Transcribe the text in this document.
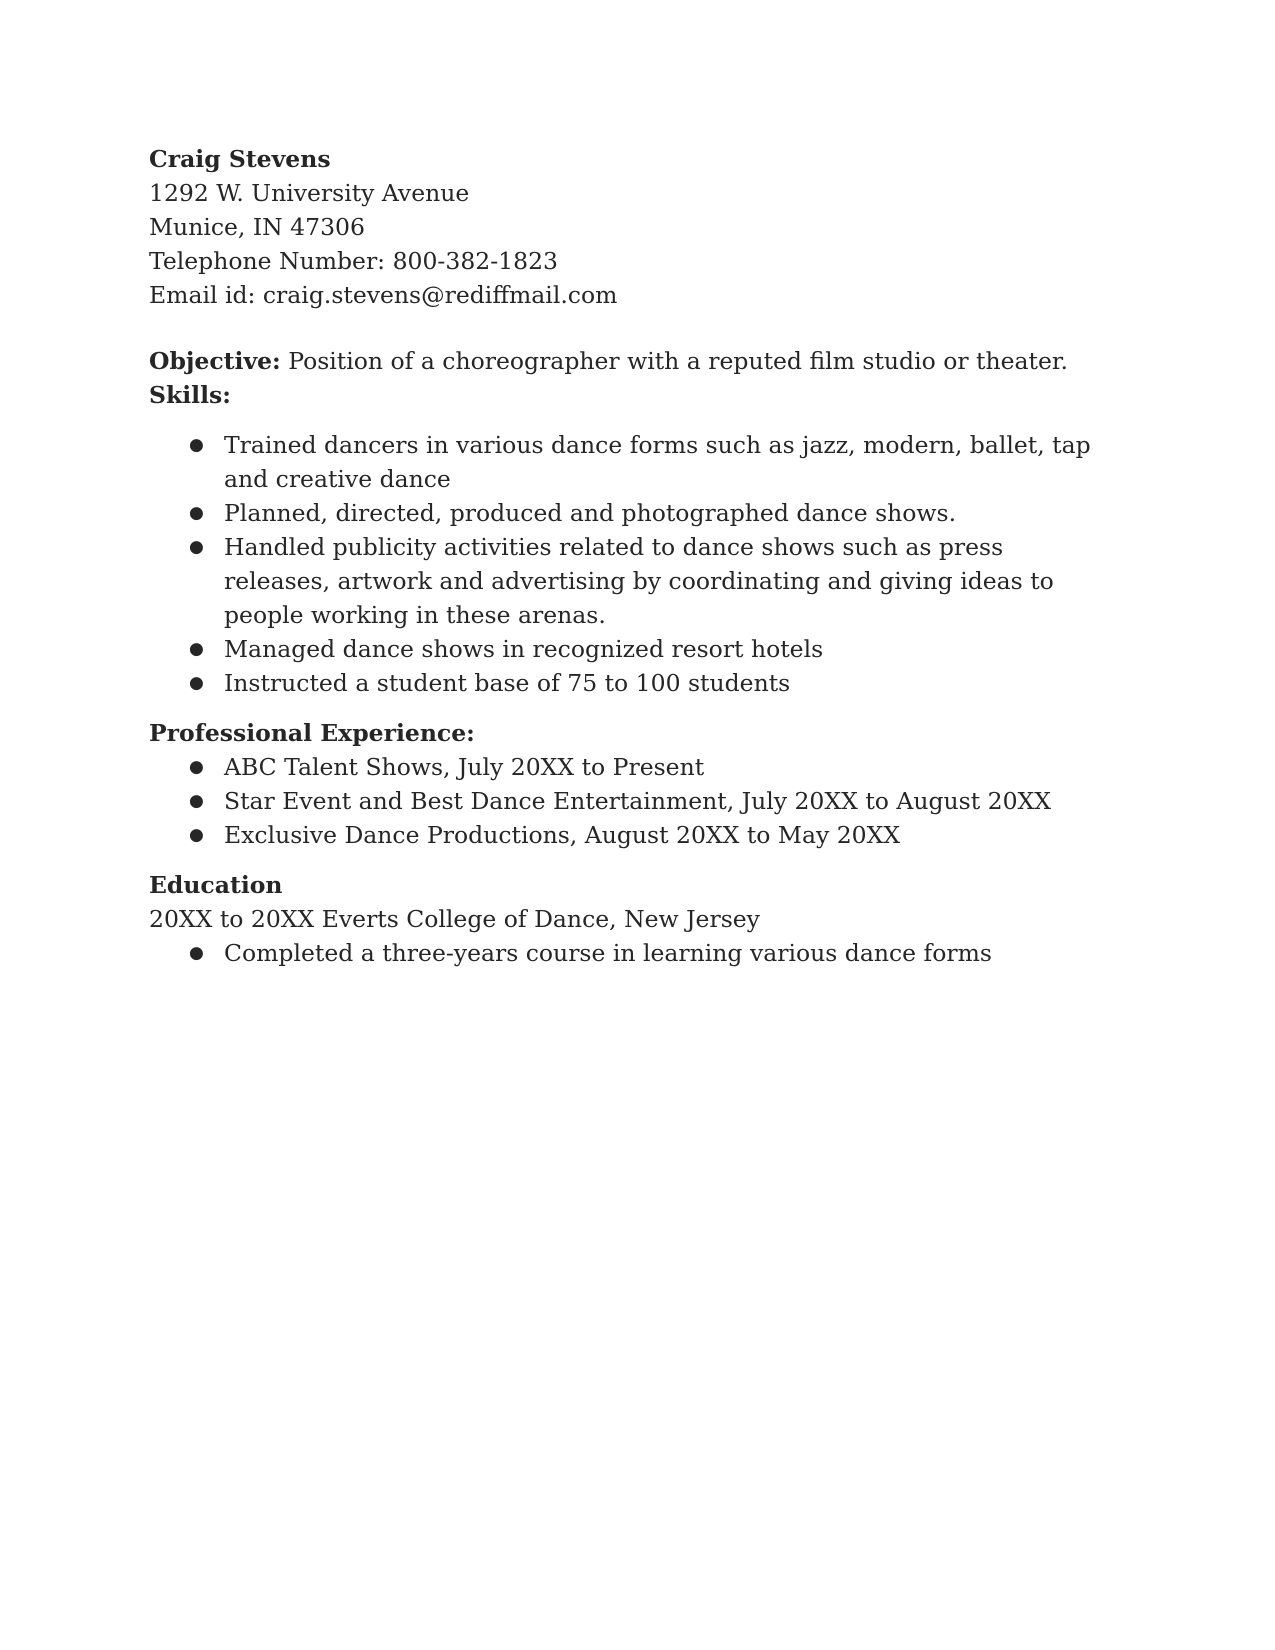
Craig Stevens
1292 W. University Avenue
Munice, IN 47306
Telephone Number: 800-382-1823
Email id: craig.stevens@rediffmail.com
Objective: Position of a choreographer with a reputed film studio or theater.
Skills:
● Trained dancers in various dance forms such as jazz, modern, ballet, tap and creative dance
● Planned, directed, produced and photographed dance shows.
● Handled publicity activities related to dance shows such as press releases, artwork and advertising by coordinating and giving ideas to people working in these arenas.
● Managed dance shows in recognized resort hotels
● Instructed a student base of 75 to 100 students
Professional Experience:
● ABC Talent Shows, July 20XX to Present
● Star Event and Best Dance Entertainment, July 20XX to August 20XX
● Exclusive Dance Productions, August 20XX to May 20XX
Education
20XX to 20XX Everts College of Dance, New Jersey
● Completed a three-years course in learning various dance forms
